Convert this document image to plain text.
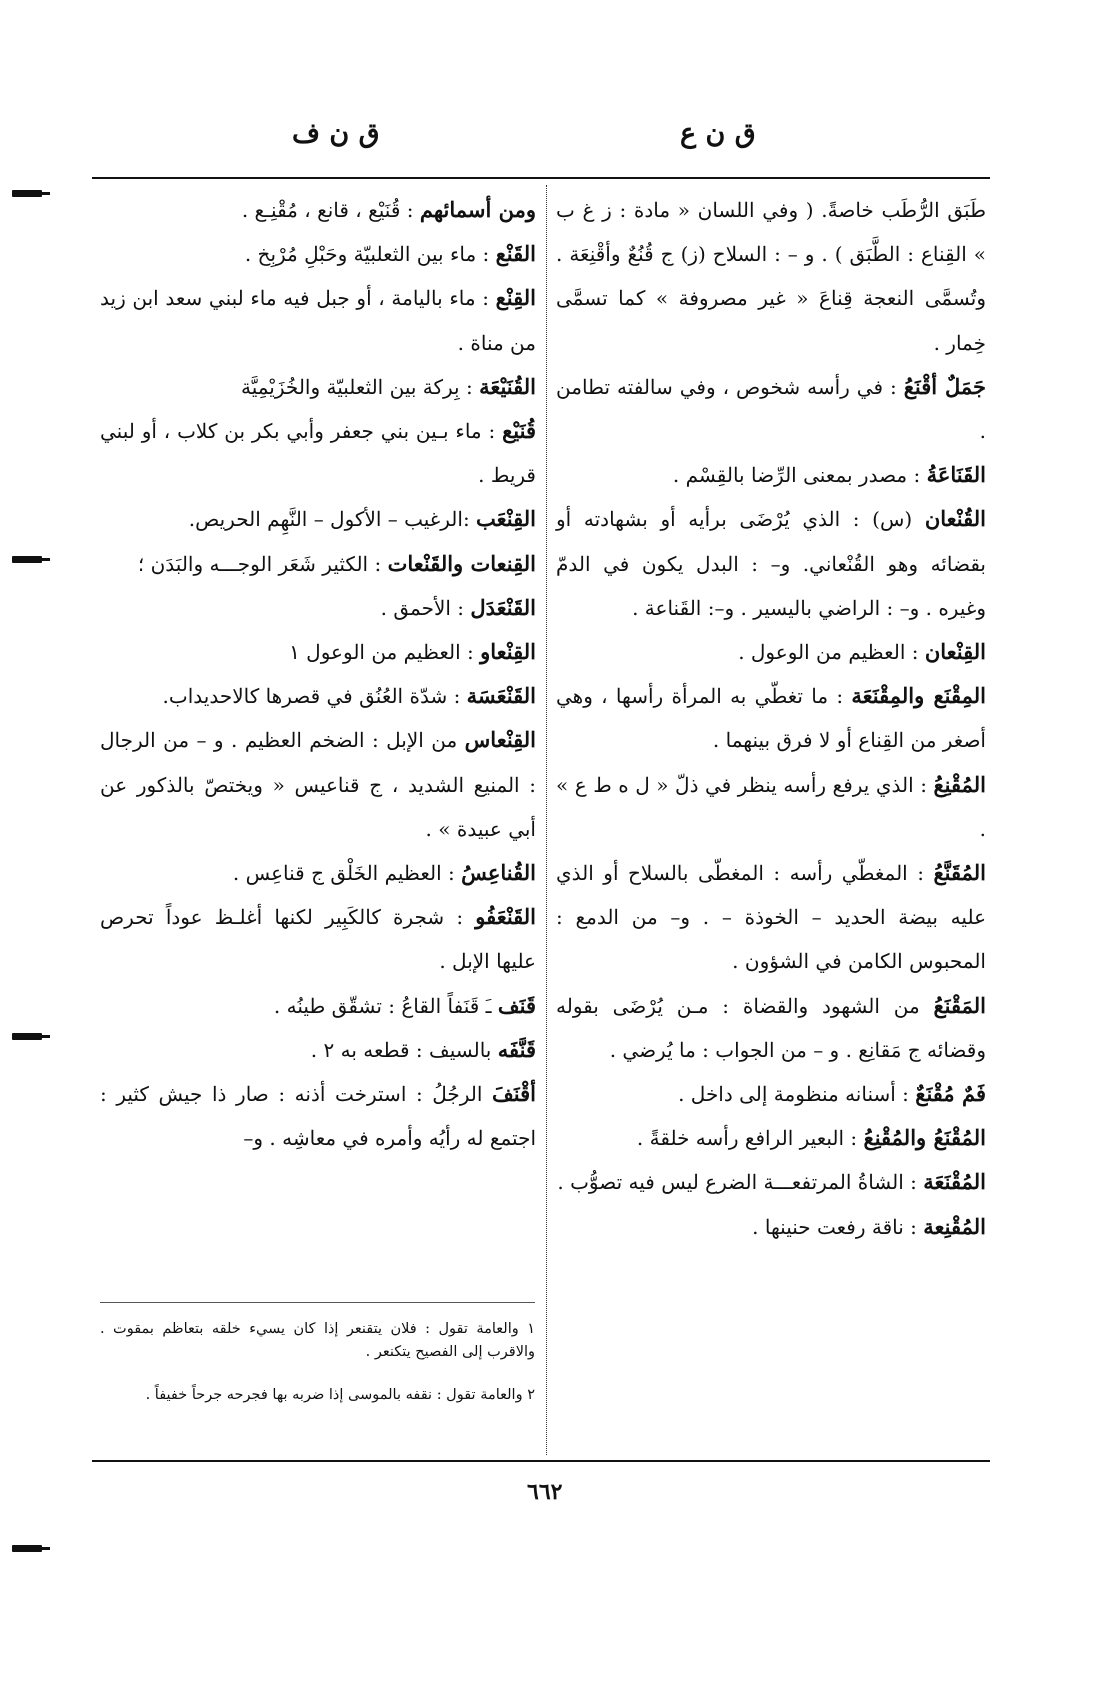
ق ن ع
ق ن ف

طَبَق الرُّطَب خاصةً. ( وفي اللسان « مادة : ز غ ب » القِناع : الطَّبَق ) . و – : السلاح (ز) ج قُنُعٌ وأقْنِعَة . وتُسمَّى النعجة قِناعَ « غير مصروفة » كما تسمَّى خِمار .

جَمَلٌ أقْنَعُ : في رأسه شخوص ، وفي سالفته تطامن .

القَنَاعَةُ : مصدر بمعنى الرِّضا بالقِسْم .

القُنْعان (س) : الذي يُرْضَى برأيه أو بشهادته أو بقضائه وهو القُنْعاني. و– : البدل يكون في الدمّ وغيره . و– : الراضي باليسير . و–: القَناعة .

القِنْعان : العظيم من الوعول .

المِقْنَع والمِقْنَعَة : ما تغطّي به المرأة رأسها ، وهي أصغر من القِناع أو لا فرق بينهما .

المُقْنِعُ : الذي يرفع رأسه ينظر في ذلّ « ل ه ط ع » .

المُقَنَّعُ : المغطّي رأسه : المغطّى بالسلاح أو الذي عليه بيضة الحديد – الخوذة – . و– من الدمع : المحبوس الكامن في الشؤون .

المَقْنَعُ من الشهود والقضاة : مـن يُرْضَى بقوله وقضائه ج مَقانِع . و – من الجواب : ما يُرضي .

فَمٌ مُقْنَعٌ : أسنانه منظومة إلى داخل .

المُقْنَعُ والمُقْنِعُ : البعير الرافع رأسه خلقةً .

المُقْنَعَة : الشاةُ المرتفعـــة الضرع ليس فيه تصوُّب .

المُقْنِعة : ناقة رفعت حنينها .

ومن أسمائهم : قُنَيْع ، قانع ، مُقْنِـع .

القَنْع : ماء بين الثعلبيّة وحَبْلِ مُرْبِخ .

القِنْع : ماء باليامة ، أو جبل فيه ماء لبني سعد ابن زيد من مناة .

القُنَيْعَة : بِركة بين الثعلبيّة والخُزَيْمِيَّة

قُنَيْع : ماء بـين بني جعفر وأبي بكر بن كلاب ، أو لبني قريط .

القِنْعَب :الرغيب – الأكول – النَّهِم الحريص.

القِنعات والقَنْعات : الكثير شَعَر الوجـــه والبَدَن ؛

القَنْعَدَل : الأحمق .

القِنْعاو : العظيم من الوعول ١

القَنْعَسَة : شدّة العُنُق في قصرها كالاحديداب.

القِنْعاس من الإبل : الضخم العظيم . و – من الرجال : المنيع الشديد ، ج قناعيس « ويختصّ بالذكور عن أبي عبيدة » .

القُناعِسُ : العظيم الخَلْق ج قناعِس .

القَنْعَفُو : شجرة كالكَبِير لكنها أغلـظ عوداً تحرص عليها الإبل .

قَنَف ـَ قَنَفاً القاعُ : تشقّق طينُه .

قَنَّفَه بالسيف : قطعه به ٢ .

أقْنَفَ الرجُلُ : استرخت أذنه : صار ذا جيش كثير : اجتمع له رأيُه وأمره في معاشِه . و–

١ والعامة تقول : فلان يتقنعر إذا كان يسيء خلقه بتعاظم بمقوت . والاقرب إلى الفصيح يتكنعر .
٢ والعامة تقول : نقفه بالموسى إذا ضربه بها فجرحه جرحاً خفيفاً .
٦٦٢
